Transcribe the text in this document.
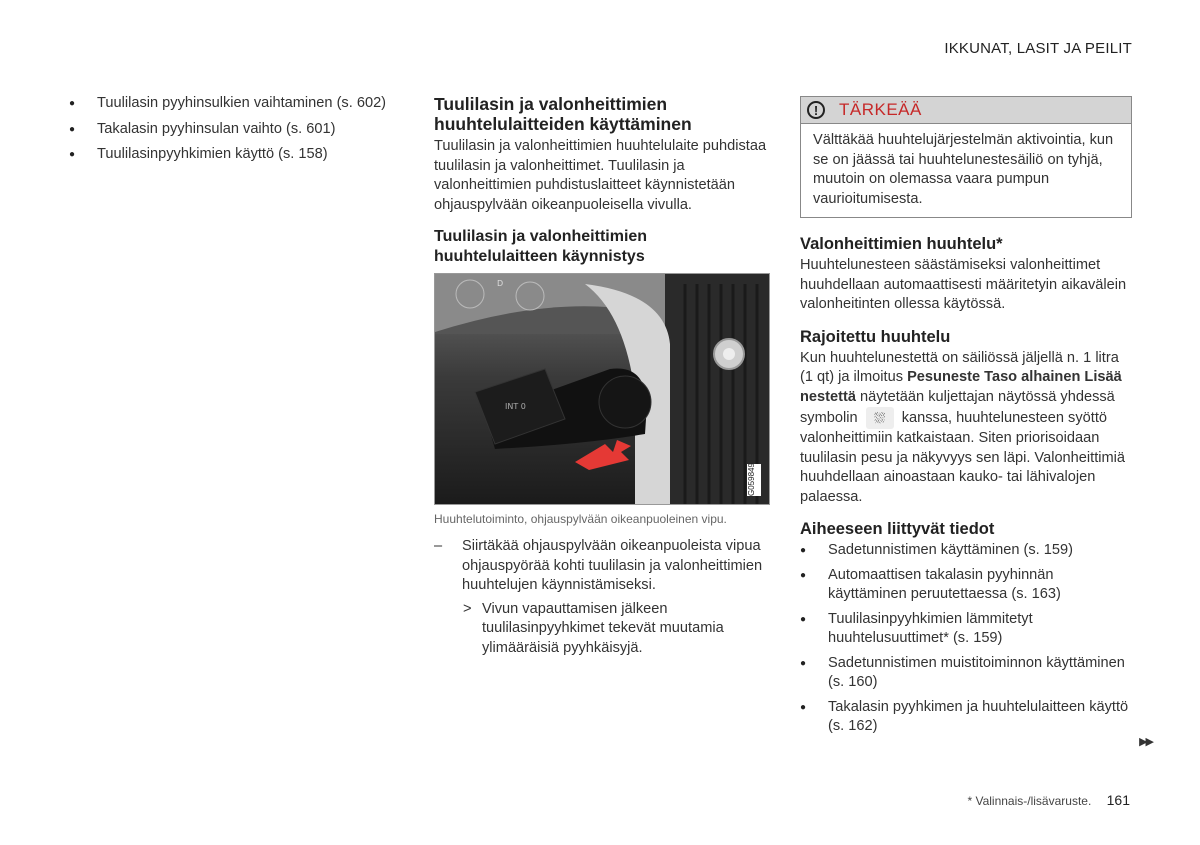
IKKUNAT, LASIT JA PEILIT
● Tuulilasin pyyhinsulkien vaihtaminen (s. 602)
● Takalasin pyyhinsulan vaihto (s. 601)
● Tuulilasinpyyhkimien käyttö (s. 158)
Tuulilasin ja valonheittimien huuhtelulaitteiden käyttäminen

Tuulilasin ja valonheittimien huuhtelulaite puhdistaa tuulilasin ja valonheittimet. Tuulilasin ja valonheittimien puhdistuslaitteet käynnistetään ohjauspylvään oikeanpuoleisella vivulla.

Tuulilasin ja valonheittimien huuhtelulaitteen käynnistys
INT 0
D
G059849
Huuhtelutoiminto, ohjauspylvään oikeanpuoleinen vipu.
– Siirtäkää ohjauspylvään oikeanpuoleista vipua ohjauspyörää kohti tuulilasin ja valonheittimien huuhtelujen käynnistämiseksi.
> Vivun vapauttamisen jälkeen tuulilasinpyyhkimet tekevät muutamia ylimääräisiä pyyhkäisyjä.
!	TÄRKEÄÄ
Välttäkää huuhtelujärjestelmän aktivointia, kun se on jäässä tai huuhtelunestesäiliö on tyhjä, muutoin on olemassa vaara pumpun vaurioitumisesta.
Valonheittimien huuhtelu*

Huuhtelunesteen säästämiseksi valonheittimet huuhdellaan automaattisesti määritetyin aikavälein valonheitinten ollessa käytössä.

Rajoitettu huuhtelu

Kun huuhtelunestettä on säiliössä jäljellä n. 1 litra (1 qt) ja ilmoitus Pesuneste Taso alhainen Lisää nestettä näytetään kuljettajan näytössä yhdessä symbolin ⛆ kanssa, huuhtelunesteen syöttö valonheittimiin katkaistaan. Siten priorisoidaan tuulilasin pesu ja näkyvyys sen läpi. Valonheittimiä huuhdellaan ainoastaan kauko- tai lähivalojen palaessa.

Aiheeseen liittyvät tiedot
● Sadetunnistimen käyttäminen (s. 159)
● Automaattisen takalasin pyyhinnän käyttäminen peruutettaessa (s. 163)
● Tuulilasinpyyhkimien lämmitetyt huuhtelusuuttimet* (s. 159)
● Sadetunnistimen muistitoiminnon käyttäminen (s. 160)
● Takalasin pyyhkimen ja huuhtelulaitteen käyttö (s. 162)
▶▶
* Valinnais-/lisävaruste. 161
